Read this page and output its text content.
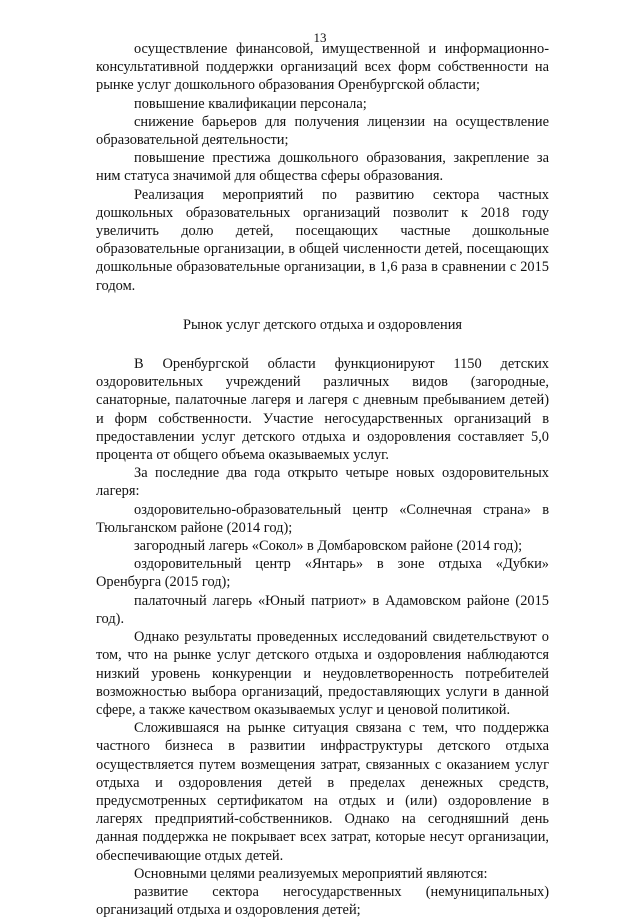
13

осуществление финансовой, имущественной и информационно-консультативной поддержки организаций всех форм собственности на рынке услуг дошкольного образования Оренбургской области;

повышение квалификации персонала;

снижение барьеров для получения лицензии на осуществление образовательной деятельности;

повышение престижа дошкольного образования, закрепление за ним статуса значимой для общества сферы образования.

Реализация мероприятий по развитию сектора частных дошкольных образовательных организаций позволит к 2018 году увеличить долю детей, посещающих частные дошкольные образовательные организации, в общей численности детей, посещающих дошкольные образовательные организации, в 1,6 раза в сравнении с 2015 годом.

Рынок услуг детского отдыха и оздоровления

В Оренбургской области функционируют 1150 детских оздоровительных учреждений различных видов (загородные, санаторные, палаточные лагеря и лагеря с дневным пребыванием детей) и форм собственности. Участие негосударственных организаций в предоставлении услуг детского отдыха и оздоровления составляет 5,0 процента от общего объема оказываемых услуг.

За последние два года открыто четыре новых оздоровительных лагеря:

оздоровительно-образовательный центр «Солнечная страна» в Тюльганском районе (2014 год);

загородный лагерь «Сокол» в Домбаровском районе (2014 год);

оздоровительный центр «Янтарь» в зоне отдыха «Дубки» Оренбурга (2015 год);

палаточный лагерь «Юный патриот» в Адамовском районе (2015 год).

Однако результаты проведенных исследований свидетельствуют о том, что на рынке услуг детского отдыха и оздоровления наблюдаются низкий уровень конкуренции и неудовлетворенность потребителей возможностью выбора организаций, предоставляющих услуги в данной сфере, а также качеством оказываемых услуг и ценовой политикой.

Сложившаяся на рынке ситуация связана с тем, что поддержка частного бизнеса в развитии инфраструктуры детского отдыха осуществляется путем возмещения затрат, связанных с оказанием услуг отдыха и оздоровления детей в пределах денежных средств, предусмотренных сертификатом на отдых и (или) оздоровление в лагерях предприятий-собственников. Однако на сегодняшний день данная поддержка не покрывает всех затрат, которые несут организации, обеспечивающие отдых детей.

Основными целями реализуемых мероприятий являются:

развитие сектора негосударственных (немуниципальных) организаций отдыха и оздоровления детей;
